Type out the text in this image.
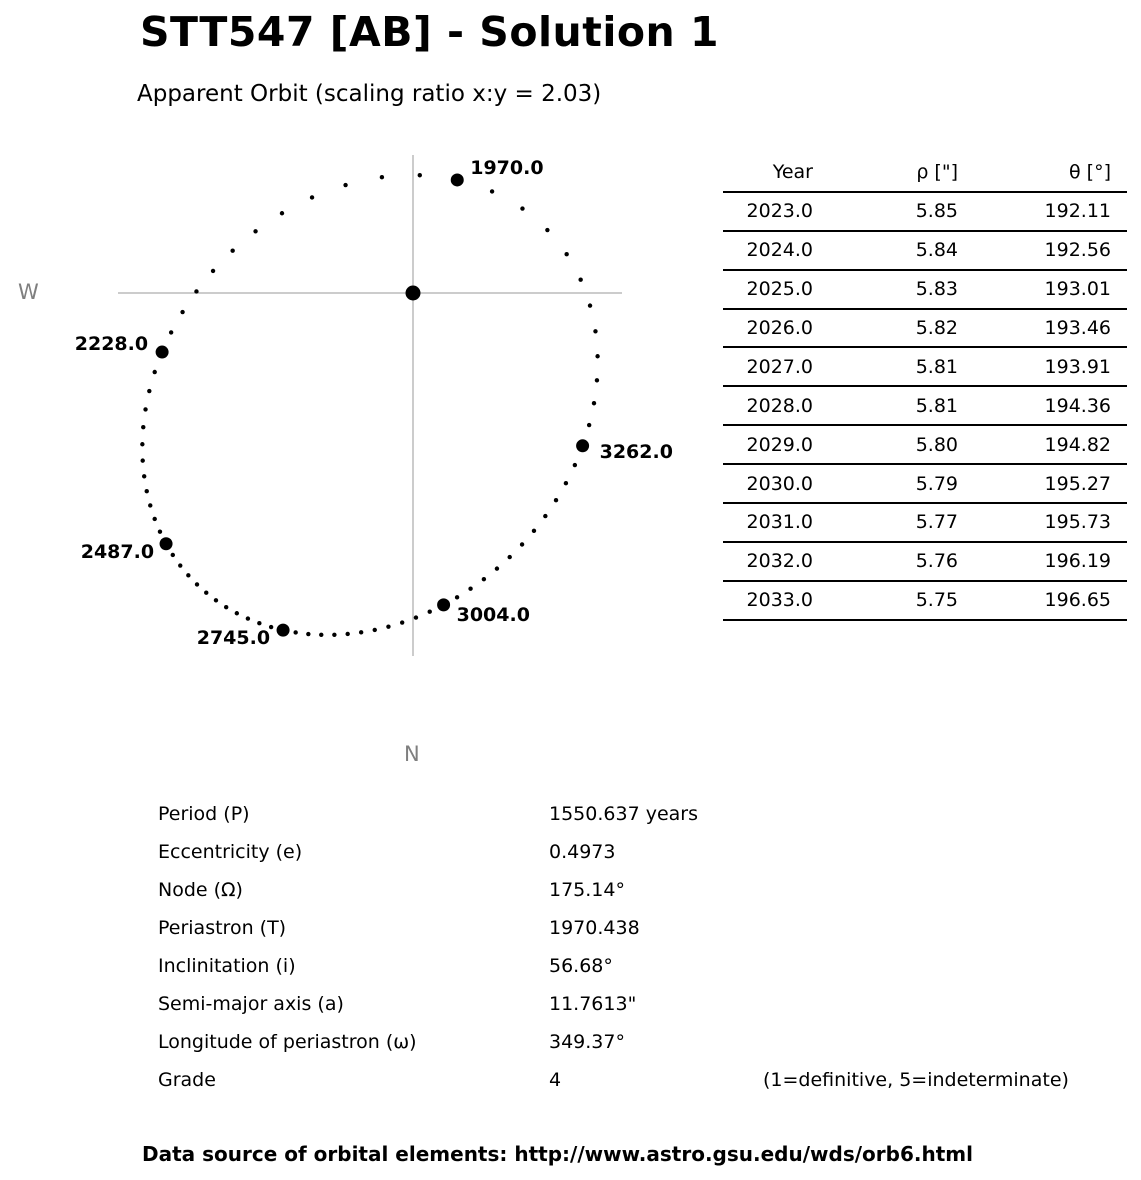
STT547 [AB] - Solution 1
Apparent Orbit (scaling ratio x:y = 2.03)
W
N
1970.0
2228.0
2487.0
2745.0
3004.0
3262.0
Year	ρ ["]	θ [°]
2023.0	5.85	192.11
2024.0	5.84	192.56
2025.0	5.83	193.01
2026.0	5.82	193.46
2027.0	5.81	193.91
2028.0	5.81	194.36
2029.0	5.80	194.82
2030.0	5.79	195.27
2031.0	5.77	195.73
2032.0	5.76	196.19
2033.0	5.75	196.65
Period (P)	1550.637 years
Eccentricity (e)	0.4973
Node (Ω)	175.14°
Periastron (T)	1970.438
Inclinitation (i)	56.68°
Semi-major axis (a)	11.7613"
Longitude of periastron (ω)	349.37°
Grade	4	(1=definitive, 5=indeterminate)
Data source of orbital elements: http://www.astro.gsu.edu/wds/orb6.html
